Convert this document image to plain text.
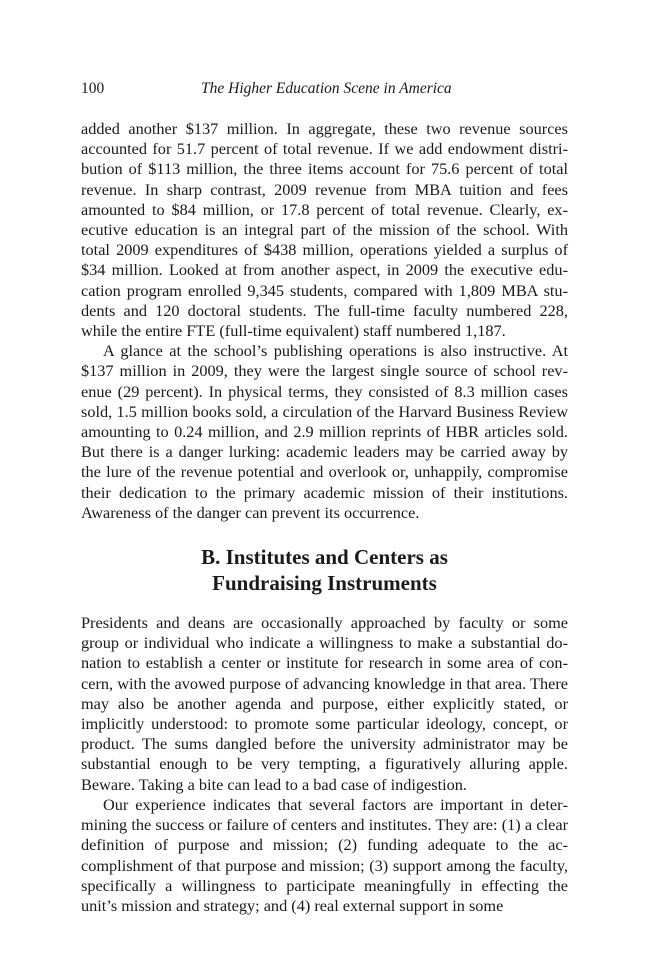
100	The Higher Education Scene in America

added another $137 million. In aggregate, these two revenue sources accounted for 51.7 percent of total revenue. If we add endowment distribution of $113 million, the three items account for 75.6 percent of total revenue. In sharp contrast, 2009 revenue from MBA tuition and fees amounted to $84 million, or 17.8 percent of total revenue. Clearly, executive education is an integral part of the mission of the school. With total 2009 expenditures of $438 million, operations yielded a surplus of $34 million. Looked at from another aspect, in 2009 the executive education program enrolled 9,345 students, compared with 1,809 MBA students and 120 doctoral students. The full-time faculty numbered 228, while the entire FTE (full-time equivalent) staff numbered 1,187.

A glance at the school’s publishing operations is also instructive. At $137 million in 2009, they were the largest single source of school revenue (29 percent). In physical terms, they consisted of 8.3 million cases sold, 1.5 million books sold, a circulation of the Harvard Business Review amounting to 0.24 million, and 2.9 million reprints of HBR articles sold. But there is a danger lurking: academic leaders may be carried away by the lure of the revenue potential and overlook or, unhappily, compromise their dedication to the primary academic mission of their institutions. Awareness of the danger can prevent its occurrence.

B. Institutes and Centers as
Fundraising Instruments

Presidents and deans are occasionally approached by faculty or some group or individual who indicate a willingness to make a substantial donation to establish a center or institute for research in some area of concern, with the avowed purpose of advancing knowledge in that area. There may also be another agenda and purpose, either explicitly stated, or implicitly understood: to promote some particular ideology, concept, or product. The sums dangled before the university administrator may be substantial enough to be very tempting, a figuratively alluring apple. Beware. Taking a bite can lead to a bad case of indigestion.

Our experience indicates that several factors are important in determining the success or failure of centers and institutes. They are: (1) a clear definition of purpose and mission; (2) funding adequate to the accomplishment of that purpose and mission; (3) support among the faculty, specifically a willingness to participate meaningfully in effecting the unit’s mission and strategy; and (4) real external support in some
